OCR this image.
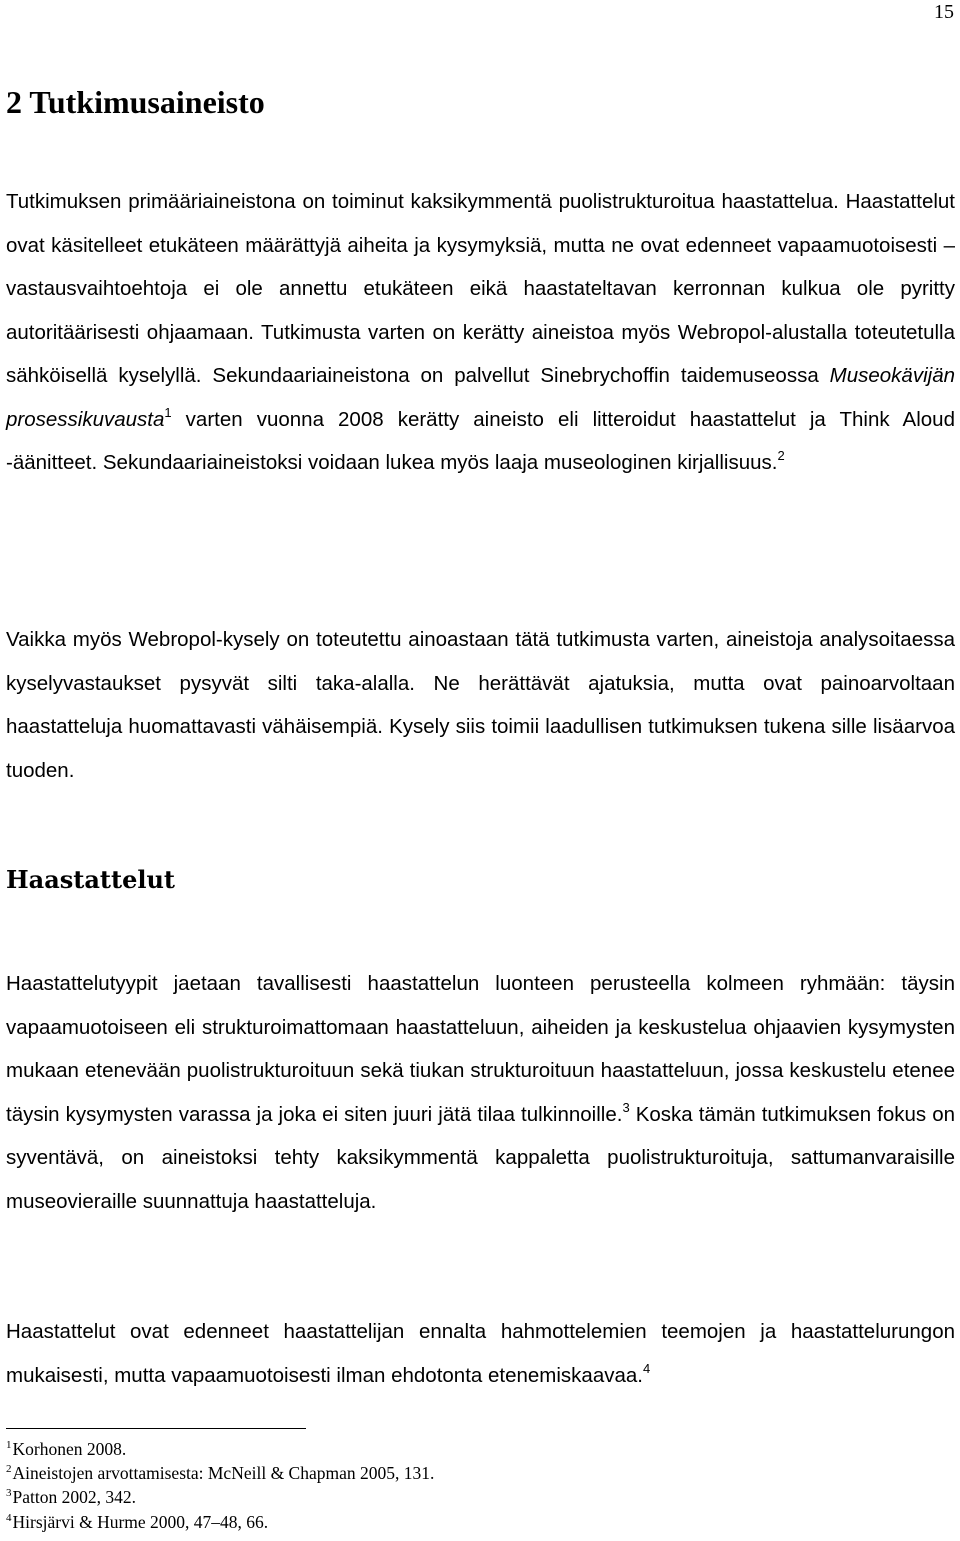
15
2 Tutkimusaineisto

Tutkimuksen primääriaineistona on toiminut kaksikymmentä puolistrukturoitua haastattelua. Haastattelut ovat käsitelleet etukäteen määrättyjä aiheita ja kysymyksiä, mutta ne ovat edenneet vapaamuotoisesti – vastausvaihtoehtoja ei ole annettu etukäteen eikä haastateltavan kerronnan kulkua ole pyritty autoritäärisesti ohjaamaan. Tutkimusta varten on kerätty aineistoa myös Webropol-alustalla toteutetulla sähköisellä kyselyllä. Sekundaariaineistona on palvellut Sinebrychoffin taidemuseossa Museokävijän prosessikuvausta$^1$ varten vuonna 2008 kerätty aineisto eli litteroidut haastattelut ja Think Aloud -äänitteet. Sekundaariaineistoksi voidaan lukea myös laaja museologinen kirjallisuus.$^2$

Vaikka myös Webropol-kysely on toteutettu ainoastaan tätä tutkimusta varten, aineistoja analysoitaessa kyselyvastaukset pysyvät silti taka-alalla. Ne herättävät ajatuksia, mutta ovat painoarvoltaan haastatteluja huomattavasti vähäisempiä. Kysely siis toimii laadullisen tutkimuksen tukena sille lisäarvoa tuoden.

Haastattelut

Haastattelutyypit jaetaan tavallisesti haastattelun luonteen perusteella kolmeen ryhmään: täysin vapaamuotoiseen eli strukturoimattomaan haastatteluun, aiheiden ja keskustelua ohjaavien kysymysten mukaan etenevään puolistrukturoituun sekä tiukan strukturoituun haastatteluun, jossa keskustelu etenee täysin kysymysten varassa ja joka ei siten juuri jätä tilaa tulkinnoille.$^3$ Koska tämän tutkimuksen fokus on syventävä, on aineistoksi tehty kaksikymmentä kappaletta puolistrukturoituja, sattumanvaraisille museovieraille suunnattuja haastatteluja.

Haastattelut ovat edenneet haastattelijan ennalta hahmottelemien teemojen ja haastattelurungon mukaisesti, mutta vapaamuotoisesti ilman ehdotonta etenemiskaavaa.$^4$

$^1$Korhonen 2008.
$^2$Aineistojen arvottamisesta: McNeill & Chapman 2005, 131.
$^3$Patton 2002, 342.
$^4$Hirsjärvi & Hurme 2000, 47–48, 66.
